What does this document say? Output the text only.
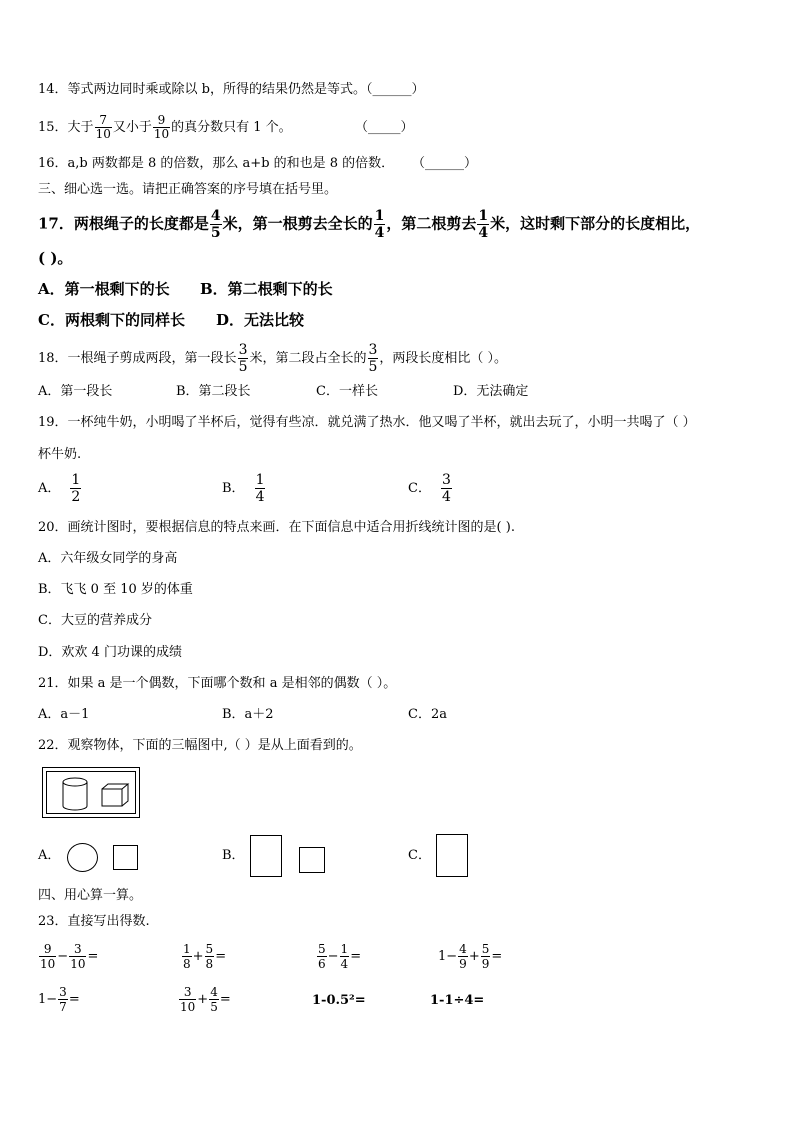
14．等式两边同时乘或除以 b，所得的结果仍然是等式。（______）
15．大于 $\frac{7}{10}$ 又小于 $\frac{9}{10}$ 的真分数只有 1 个。	（_____）
16．a,b 两数都是 8 的倍数，那么 a+b 的和也是 8 的倍数． （______）
三、细心选一选。请把正确答案的序号填在括号里。
17．两根绳子的长度都是 $\frac{4}{5}$ 米，第一根剪去全长的 $\frac{1}{4}$ ，第二根剪去 $\frac{1}{4}$ 米，这时剩下部分的长度相比，
( )。
A．第一根剩下的长 B．第二根剩下的长
C．两根剩下的同样长 D．无法比较
18．一根绳子剪成两段，第一段长 $\frac{3}{5}$ 米，第二段占全长的 $\frac{3}{5}$ ，两段长度相比（ ）。
A．第一段长	B．第二段长	C．一样长	D．无法确定
19．一杯纯牛奶，小明喝了半杯后，觉得有些凉．就兑满了热水．他又喝了半杯，就出去玩了，小明一共喝了（ ）
杯牛奶.
A． $\frac{1}{2}$	B． $\frac{1}{4}$	C． $\frac{3}{4}$
20．画统计图时，要根据信息的特点来画．在下面信息中适合用折线统计图的是( ).
A．六年级女同学的身高
B．飞飞 0 至 10 岁的体重
C．大豆的营养成分
D．欢欢 4 门功课的成绩
21．如果 a 是一个偶数，下面哪个数和 a 是相邻的偶数（ ）。
A．a－1	B．a＋2	C．2a
22．观察物体，下面的三幅图中,（ ）是从上面看到的。
A．	B．	C．
四、用心算一算。
23．直接写出得数.
$\frac{9}{10} - \frac{3}{10}$ =	$\frac{1}{8} + \frac{5}{8}$ =	$\frac{5}{6} - \frac{1}{4}$ =	$1- \frac{4}{9} + \frac{5}{9}$ =
$1- \frac{3}{7}$ =	$\frac{3}{10} + \frac{4}{5}$ =	1-0.5²=	1-1÷4=
